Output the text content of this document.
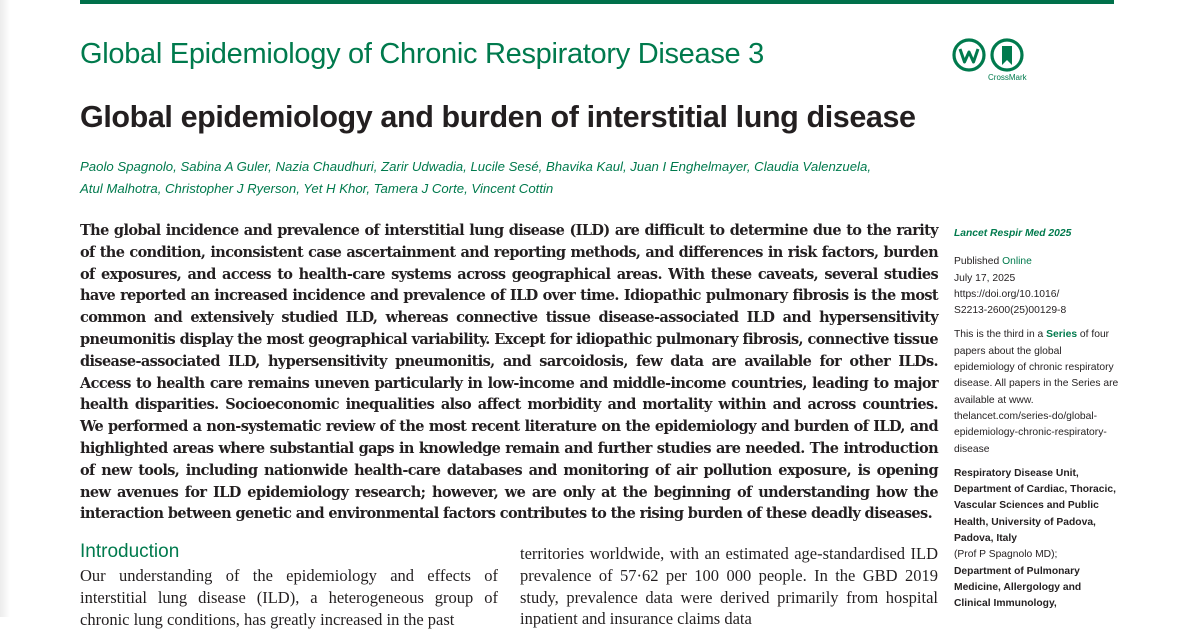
Global Epidemiology of Chronic Respiratory Disease 3
Global epidemiology and burden of interstitial lung disease
CrossMark
Paolo Spagnolo, Sabina A Guler, Nazia Chaudhuri, Zarir Udwadia, Lucile Sesé, Bhavika Kaul, Juan I Enghelmayer, Claudia Valenzuela,
Atul Malhotra, Christopher J Ryerson, Yet H Khor, Tamera J Corte, Vincent Cottin

The global incidence and prevalence of interstitial lung disease (ILD) are difficult to determine due to the rarity of the condition, inconsistent case ascertainment and reporting methods, and differences in risk factors, burden of exposures, and access to health-care systems across geographical areas. With these caveats, several studies have reported an increased incidence and prevalence of ILD over time. Idiopathic pulmonary fibrosis is the most common and extensively studied ILD, whereas connective tissue disease-associated ILD and hypersensitivity pneumonitis display the most geographical variability. Except for idiopathic pulmonary fibrosis, connective tissue disease-associated ILD, hypersensitivity pneumonitis, and sarcoidosis, few data are available for other ILDs. Access to health care remains uneven particularly in low-income and middle-income countries, leading to major health disparities. Socioeconomic inequalities also affect morbidity and mortality within and across countries. We performed a non-systematic review of the most recent literature on the epidemiology and burden of ILD, and highlighted areas where substantial gaps in knowledge remain and further studies are needed. The introduction of new tools, including nationwide health-care databases and monitoring of air pollution exposure, is opening new avenues for ILD epidemiology research; however, we are only at the beginning of understanding how the interaction between genetic and environmental factors contributes to the rising burden of these deadly diseases.

Introduction

Our understanding of the epidemiology and effects of interstitial lung disease (ILD), a heterogeneous group of chronic lung conditions, has greatly increased in the past

territories worldwide, with an estimated age-standardised ILD prevalence of 57·62 per 100 000 people. In the GBD 2019 study, prevalence data were derived primarily from hospital inpatient and insurance claims data

Lancet Respir Med 2025

Published Online

July 17, 2025

https://doi.org/10.1016/

S2213-2600(25)00129-8

This is the third in a Series of four papers about the global epidemiology of chronic respiratory disease. All papers in the Series are available at www. thelancet.com/series-do/global-epidemiology-chronic-respiratory-disease

Respiratory Disease Unit, Department of Cardiac, Thoracic, Vascular Sciences and Public Health, University of Padova, Padova, Italy

(Prof P Spagnolo MD);

Department of Pulmonary Medicine, Allergology and Clinical Immunology,
